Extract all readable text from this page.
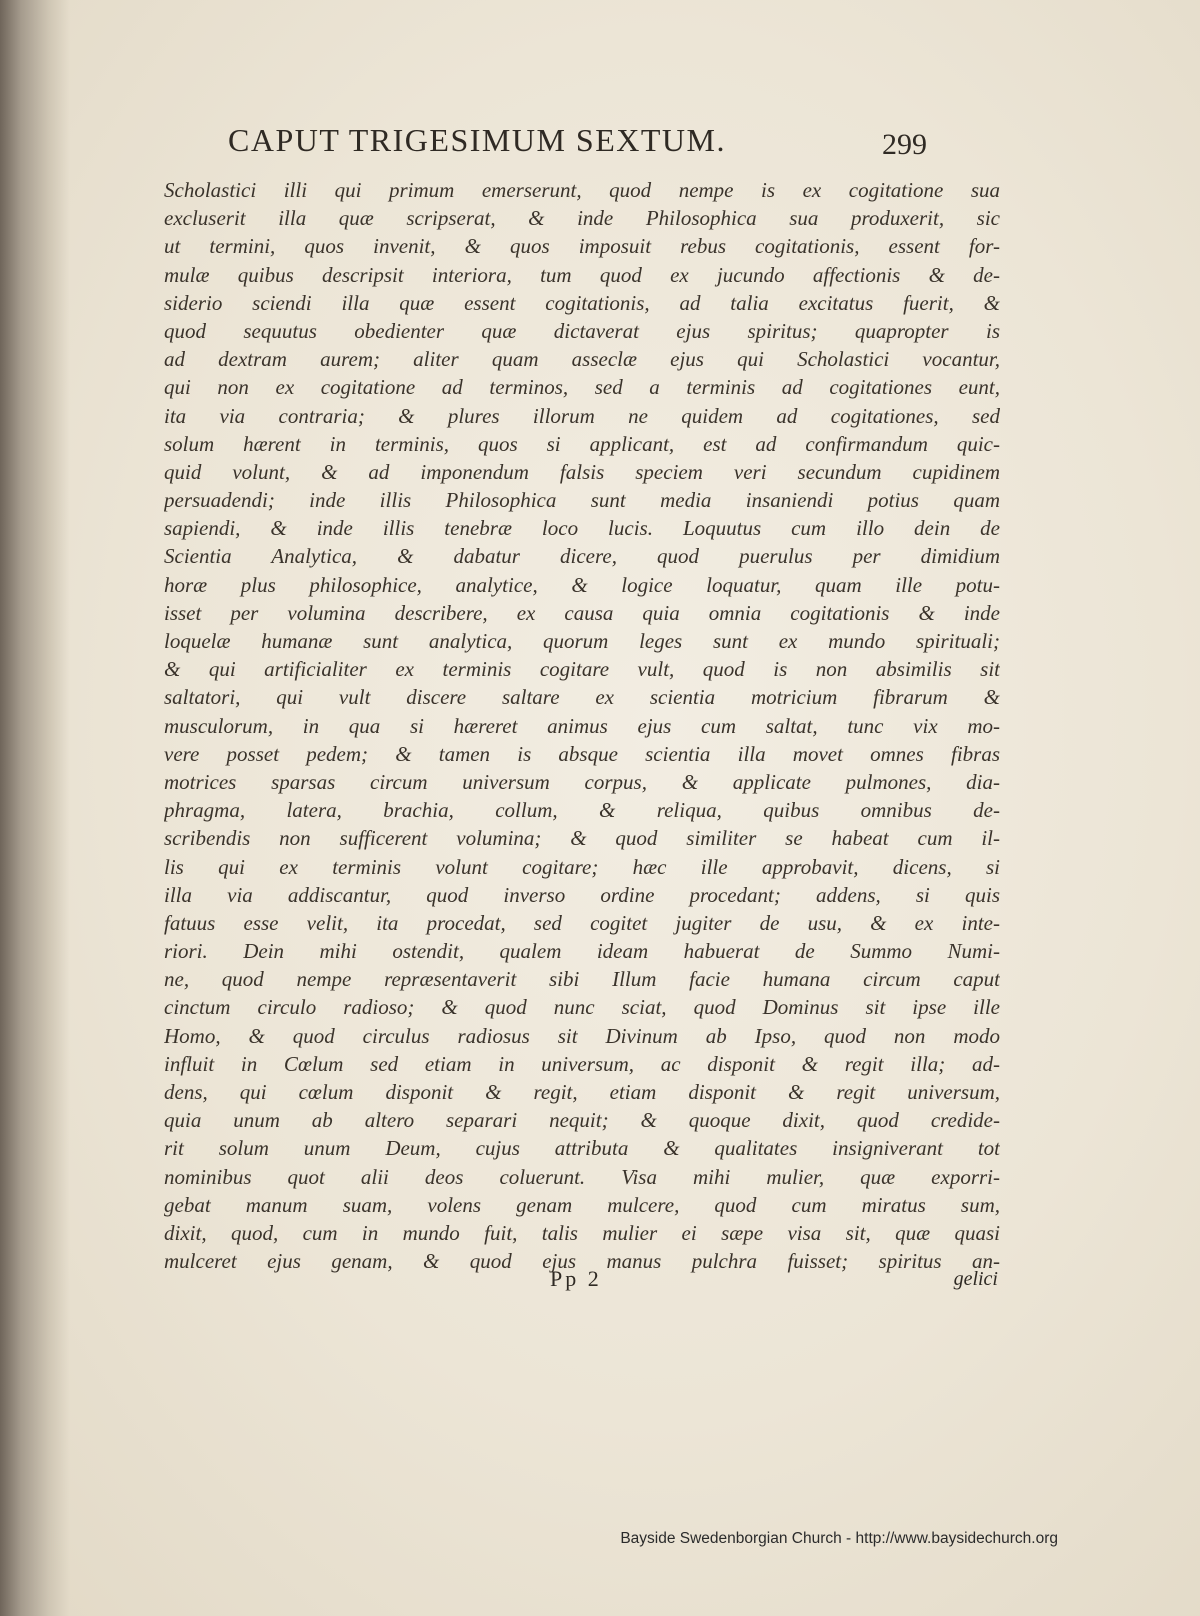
CAPUT TRIGESIMUM SEXTUM.	299
Scholastici illi qui primum emerserunt, quod nempe is ex cogitatione sua
excluserit illa quæ scripserat, & inde Philosophica sua produxerit, sic
ut termini, quos invenit, & quos imposuit rebus cogitationis, essent for-
mulæ quibus descripsit interiora, tum quod ex jucundo affectionis & de-
siderio sciendi illa quæ essent cogitationis, ad talia excitatus fuerit, &
quod sequutus obedienter quæ dictaverat ejus spiritus; quapropter is
ad dextram aurem; aliter quam asseclæ ejus qui Scholastici vocantur,
qui non ex cogitatione ad terminos, sed a terminis ad cogitationes eunt,
ita via contraria; & plures illorum ne quidem ad cogitationes, sed
solum hærent in terminis, quos si applicant, est ad confirmandum quic-
quid volunt, & ad imponendum falsis speciem veri secundum cupidinem
persuadendi; inde illis Philosophica sunt media insaniendi potius quam
sapiendi, & inde illis tenebræ loco lucis. Loquutus cum illo dein de
Scientia Analytica, & dabatur dicere, quod puerulus per dimidium
horæ plus philosophice, analytice, & logice loquatur, quam ille potu-
isset per volumina describere, ex causa quia omnia cogitationis & inde
loquelæ humanæ sunt analytica, quorum leges sunt ex mundo spirituali;
& qui artificialiter ex terminis cogitare vult, quod is non absimilis sit
saltatori, qui vult discere saltare ex scientia motricium fibrarum &
musculorum, in qua si hæreret animus ejus cum saltat, tunc vix mo-
vere posset pedem; & tamen is absque scientia illa movet omnes fibras
motrices sparsas circum universum corpus, & applicate pulmones, dia-
phragma, latera, brachia, collum, & reliqua, quibus omnibus de-
scribendis non sufficerent volumina; & quod similiter se habeat cum il-
lis qui ex terminis volunt cogitare; hæc ille approbavit, dicens, si
illa via addiscantur, quod inverso ordine procedant; addens, si quis
fatuus esse velit, ita procedat, sed cogitet jugiter de usu, & ex inte-
riori. Dein mihi ostendit, qualem ideam habuerat de Summo Numi-
ne, quod nempe repræsentaverit sibi Illum facie humana circum caput
cinctum circulo radioso; & quod nunc sciat, quod Dominus sit ipse ille
Homo, & quod circulus radiosus sit Divinum ab Ipso, quod non modo
influit in Cœlum sed etiam in universum, ac disponit & regit illa; ad-
dens, qui cœlum disponit & regit, etiam disponit & regit universum,
quia unum ab altero separari nequit; & quoque dixit, quod credide-
rit solum unum Deum, cujus attributa & qualitates insigniverant tot
nominibus quot alii deos coluerunt. Visa mihi mulier, quæ exporri-
gebat manum suam, volens genam mulcere, quod cum miratus sum,
dixit, quod, cum in mundo fuit, talis mulier ei sæpe visa sit, quæ quasi
mulceret ejus genam, & quod ejus manus pulchra fuisset; spiritus an-
Pp 2	gelici
Bayside Swedenborgian Church - http://www.baysidechurch.org
